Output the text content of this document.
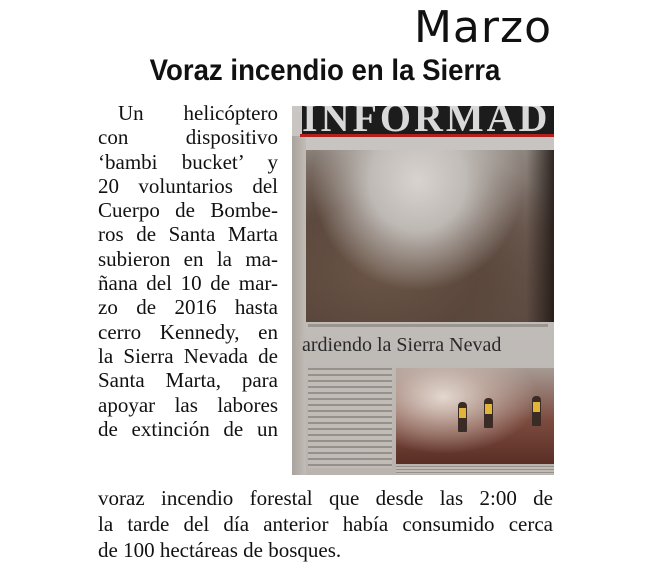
Marzo
Voraz incendio en la Sierra
Un helicóptero
con dispositivo
‘bambi bucket’ y
20 voluntarios del
Cuerpo de Bombe-
ros de Santa Marta
subieron en la ma-
ñana del 10 de mar-
zo de 2016 hasta
cerro Kennedy, en
la Sierra Nevada de
Santa Marta, para
apoyar las labores
de extinción de un
INFORMAD
ardiendo la Sierra Nevad
voraz incendio forestal que desde las 2:00 de
la tarde del día anterior había consumido cerca
de 100 hectáreas de bosques.
